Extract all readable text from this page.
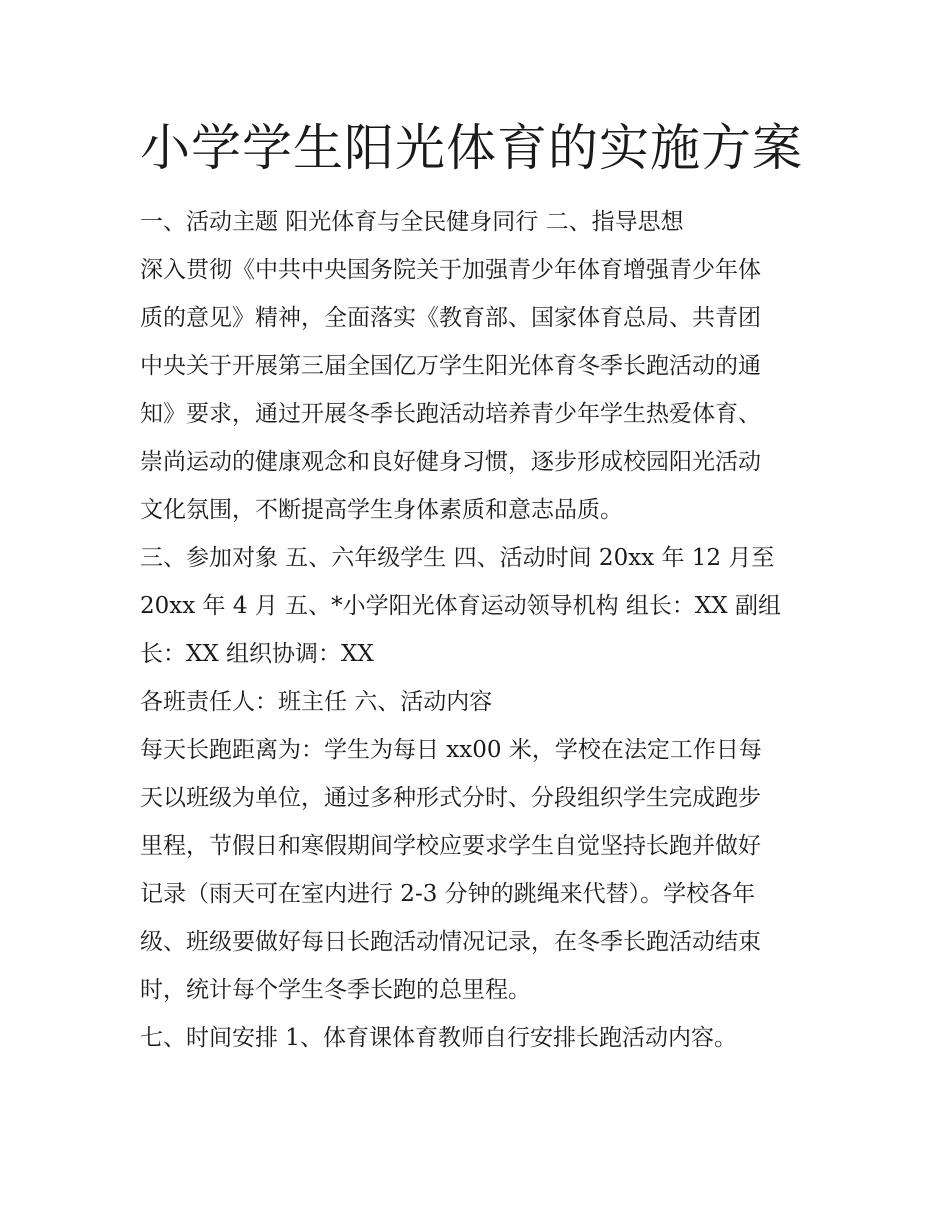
小学学生阳光体育的实施方案
一、活动主题 阳光体育与全民健身同行 二、指导思想
深入贯彻《中共中央国务院关于加强青少年体育增强青少年体
质的意见》精神，全面落实《教育部、国家体育总局、共青团
中央关于开展第三届全国亿万学生阳光体育冬季长跑活动的通
知》要求，通过开展冬季长跑活动培养青少年学生热爱体育、
崇尚运动的健康观念和良好健身习惯，逐步形成校园阳光活动
文化氛围，不断提高学生身体素质和意志品质。
三、参加对象 五、六年级学生 四、活动时间 20xx 年 12 月至
20xx 年 4 月 五、*小学阳光体育运动领导机构 组长：XX 副组
长：XX 组织协调：XX
各班责任人：班主任 六、活动内容
每天长跑距离为：学生为每日 xx00 米，学校在法定工作日每
天以班级为单位，通过多种形式分时、分段组织学生完成跑步
里程，节假日和寒假期间学校应要求学生自觉坚持长跑并做好
记录（雨天可在室内进行 2-3 分钟的跳绳来代替）。学校各年
级、班级要做好每日长跑活动情况记录，在冬季长跑活动结束
时，统计每个学生冬季长跑的总里程。
七、时间安排 1、体育课体育教师自行安排长跑活动内容。
